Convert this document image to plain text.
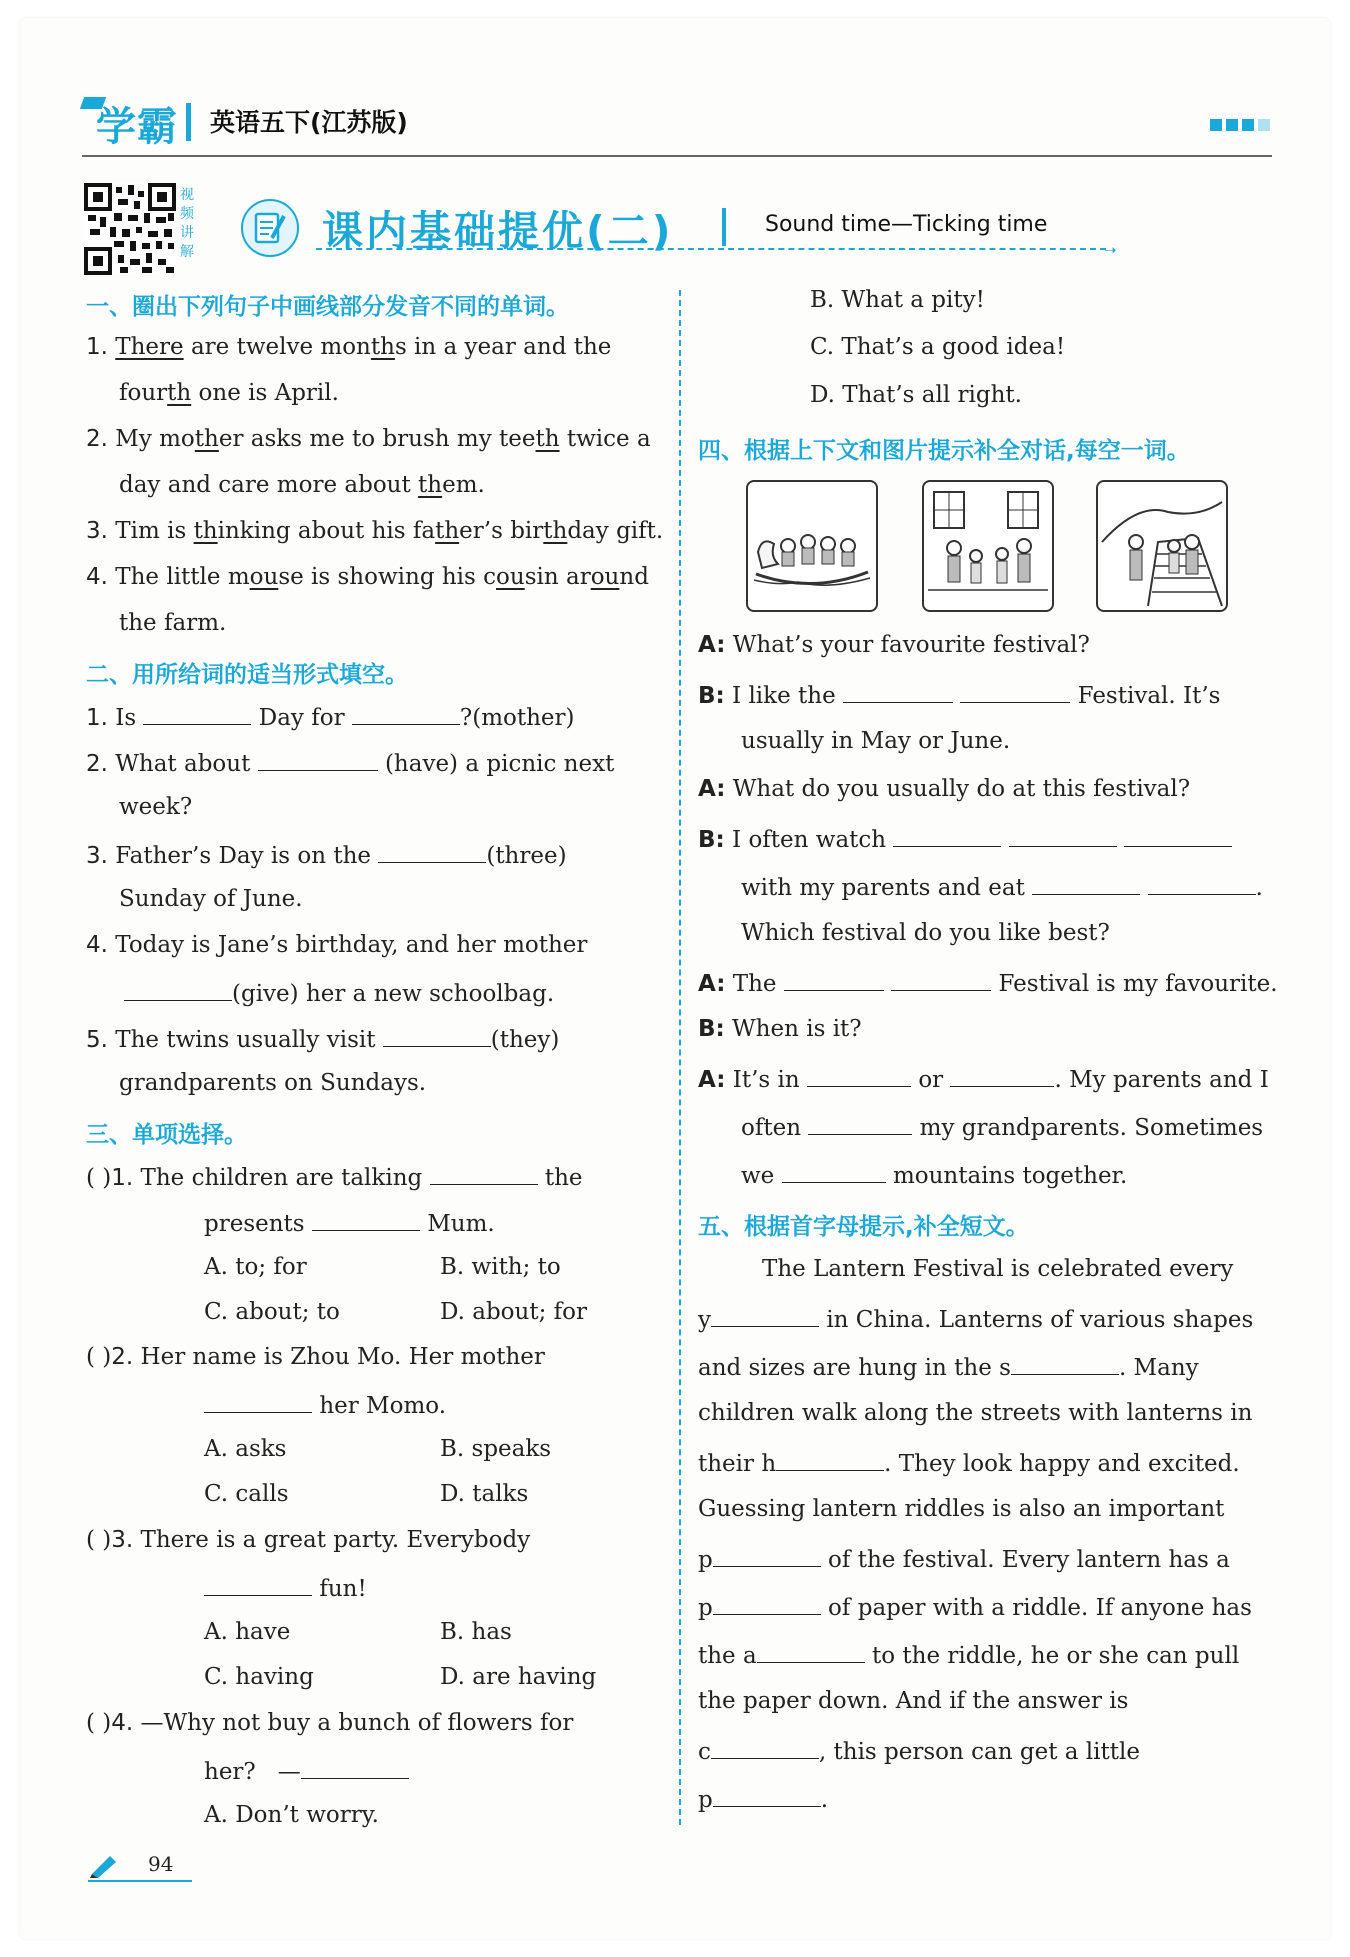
学霸 英语五下(江苏版)
视频讲解	课内基础提优(二)	Sound time—Ticking time
➝
一、圈出下列句子中画线部分发音不同的单词。
1. There are twelve months in a year and the
fourth one is April.
2. My mother asks me to brush my teeth twice a
day and care more about them.
3. Tim is thinking about his father’s birthday gift.
4. The little mouse is showing his cousin around
the farm.
二、用所给词的适当形式填空。
1. Is	Day for	?(mother)
2. What about	(have) a picnic next
week?
3. Father’s Day is on the	(three)
Sunday of June.
4. Today is Jane’s birthday, and her mother
(give) her a new schoolbag.
5. The twins usually visit	(they)
grandparents on Sundays.
三、单项选择。
( )1. The children are talking	the
presents	Mum.
A. to; for	B. with; to
C. about; to	D. about; for
( )2. Her name is Zhou Mo. Her mother
her Momo.
A. asks	B. speaks
C. calls	D. talks
( )3. There is a great party. Everybody
fun!
A. have	B. has
C. having	D. are having
( )4. —Why not buy a bunch of flowers for
her? —
A. Don’t worry.
B. What a pity!
C. That’s a good idea!
D. That’s all right.
四、根据上下文和图片提示补全对话,每空一词。
A: What’s your favourite festival?
B: I like the	Festival. It’s
usually in May or June.
A: What do you usually do at this festival?
B: I often watch
with my parents and eat	.
Which festival do you like best?
A: The	Festival is my favourite.
B: When is it?
A: It’s in	or	. My parents and I
often	my grandparents. Sometimes
we	mountains together.
五、根据首字母提示,补全短文。
The Lantern Festival is celebrated every
y	in China. Lanterns of various shapes
and sizes are hung in the s	. Many
children walk along the streets with lanterns in
their h	. They look happy and excited.
Guessing lantern riddles is also an important
p	of the festival. Every lantern has a
p	of paper with a riddle. If anyone has
the a	to the riddle, he or she can pull
the paper down. And if the answer is
c	, this person can get a little
p	.
94
